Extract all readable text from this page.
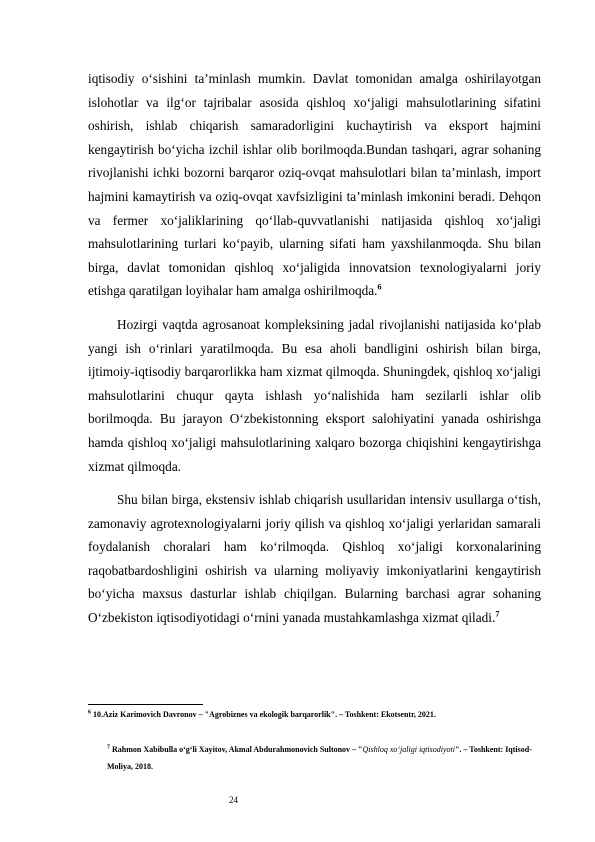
iqtisodiy o‘sishini ta’minlash mumkin. Davlat tomonidan amalga oshirilayotgan islohotlar va ilg‘or tajribalar asosida qishloq xo‘jaligi mahsulotlarining sifatini oshirish, ishlab chiqarish samaradorligini kuchaytirish va eksport hajmini kengaytirish bo‘yicha izchil ishlar olib borilmoqda.Bundan tashqari, agrar sohaning rivojlanishi ichki bozorni barqaror oziq-ovqat mahsulotlari bilan ta’minlash, import hajmini kamaytirish va oziq-ovqat xavfsizligini ta’minlash imkonini beradi. Dehqon va fermer xo‘jaliklarining qo‘llab-quvvatlanishi natijasida qishloq xo‘jaligi mahsulotlarining turlari ko‘payib, ularning sifati ham yaxshilanmoqda. Shu bilan birga, davlat tomonidan qishloq xo‘jaligida innovatsion texnologiyalarni joriy etishga qaratilgan loyihalar ham amalga oshirilmoqda.$^6$

Hozirgi vaqtda agrosanoat kompleksining jadal rivojlanishi natijasida ko‘plab yangi ish o‘rinlari yaratilmoqda. Bu esa aholi bandligini oshirish bilan birga, ijtimoiy-iqtisodiy barqarorlikka ham xizmat qilmoqda. Shuningdek, qishloq xo‘jaligi mahsulotlarini chuqur qayta ishlash yo‘nalishida ham sezilarli ishlar olib borilmoqda. Bu jarayon O‘zbekistonning eksport salohiyatini yanada oshirishga hamda qishloq xo‘jaligi mahsulotlarining xalqaro bozorga chiqishini kengaytirishga xizmat qilmoqda.

Shu bilan birga, ekstensiv ishlab chiqarish usullaridan intensiv usullarga o‘tish, zamonaviy agrotexnologiyalarni joriy qilish va qishloq xo‘jaligi yerlaridan samarali foydalanish choralari ham ko‘rilmoqda. Qishloq xo‘jaligi korxonalarining raqobatbardoshligini oshirish va ularning moliyaviy imkoniyatlarini kengaytirish bo‘yicha maxsus dasturlar ishlab chiqilgan. Bularning barchasi agrar sohaning O‘zbekiston iqtisodiyotidagi o‘rnini yanada mustahkamlashga xizmat qiladi.$^7$

$^6$ 10.Aziz Karimovich Davronov – "Agrobiznes va ekologik barqarorlik". – Toshkent: Ekotsentr, 2021.
$^7$ Rahmon Xabibulla o‘g‘li Xayitov, Akmal Abdurahmonovich Sultonov – "Qishloq xo‘jaligi iqtisodiyoti". – Toshkent: Iqtisod-Moliya, 2018.
24
